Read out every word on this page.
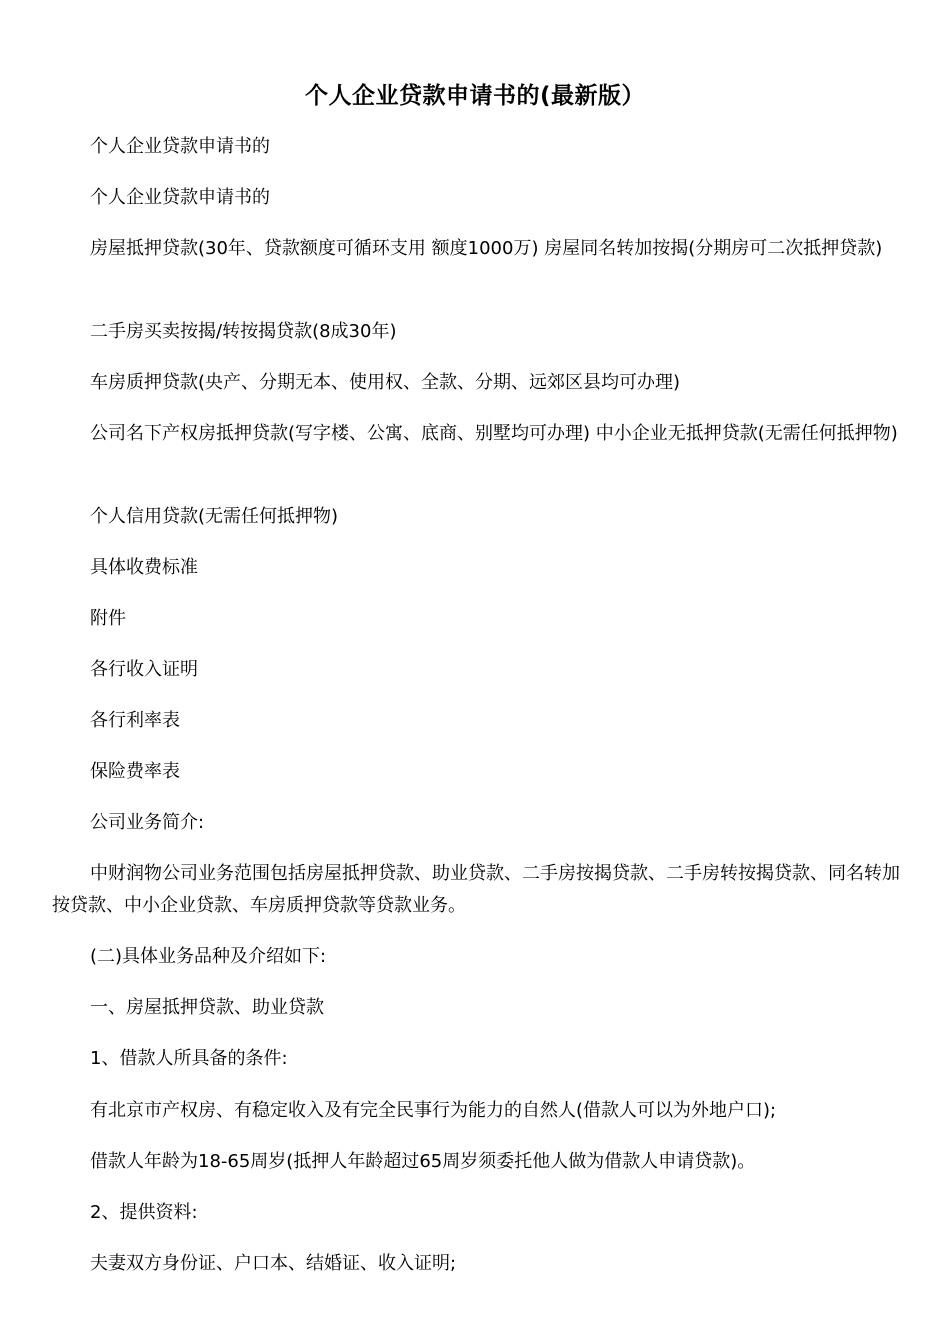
个人企业贷款申请书的(最新版）

个人企业贷款申请书的

个人企业贷款申请书的

房屋抵押贷款(30年、贷款额度可循环支用 额度1000万) 房屋同名转加按揭(分期房可二次抵押贷款)

二手房买卖按揭/转按揭贷款(8成30年)

车房质押贷款(央产、分期无本、使用权、全款、分期、远郊区县均可办理)

公司名下产权房抵押贷款(写字楼、公寓、底商、别墅均可办理) 中小企业无抵押贷款(无需任何抵押物)

个人信用贷款(无需任何抵押物)

具体收费标准

附件

各行收入证明

各行利率表

保险费率表

公司业务简介:

中财润物公司业务范围包括房屋抵押贷款、助业贷款、二手房按揭贷款、二手房转按揭贷款、同名转加按贷款、中小企业贷款、车房质押贷款等贷款业务。

(二)具体业务品种及介绍如下:

一、房屋抵押贷款、助业贷款

1、借款人所具备的条件:

有北京市产权房、有稳定收入及有完全民事行为能力的自然人(借款人可以为外地户口);

借款人年龄为18-65周岁(抵押人年龄超过65周岁须委托他人做为借款人申请贷款)。

2、提供资料:

夫妻双方身份证、户口本、结婚证、收入证明;
